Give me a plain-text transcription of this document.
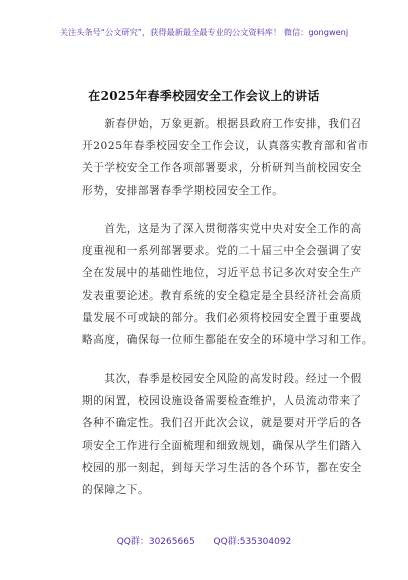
关注头条号“公文研究”，获得最新最全最专业的公文资料库！ 微信：gongwenj
在2025年春季校园安全工作会议上的讲话
　　新春伊始，万象更新。根据县政府工作安排，我们召
开2025年春季校园安全工作会议，认真落实教育部和省市
关于学校安全工作各项部署要求，分析研判当前校园安全
形势，安排部署春季学期校园安全工作。
　　首先，这是为了深入贯彻落实党中央对安全工作的高
度重视和一系列部署要求。党的二十届三中全会强调了安
全在发展中的基础性地位，习近平总书记多次对安全生产
发表重要论述。教育系统的安全稳定是全县经济社会高质
量发展不可或缺的部分。我们必须将校园安全置于重要战
略高度，确保每一位师生都能在安全的环境中学习和工作。
　　其次，春季是校园安全风险的高发时段。经过一个假
期的闲置，校园设施设备需要检查维护，人员流动带来了
各种不确定性。我们召开此次会议，就是要对开学后的各
项安全工作进行全面梳理和细致规划，确保从学生们踏入
校园的那一刻起，到每天学习生活的各个环节，都在安全
的保障之下。
QQ群：30265665 QQ群:535304092
